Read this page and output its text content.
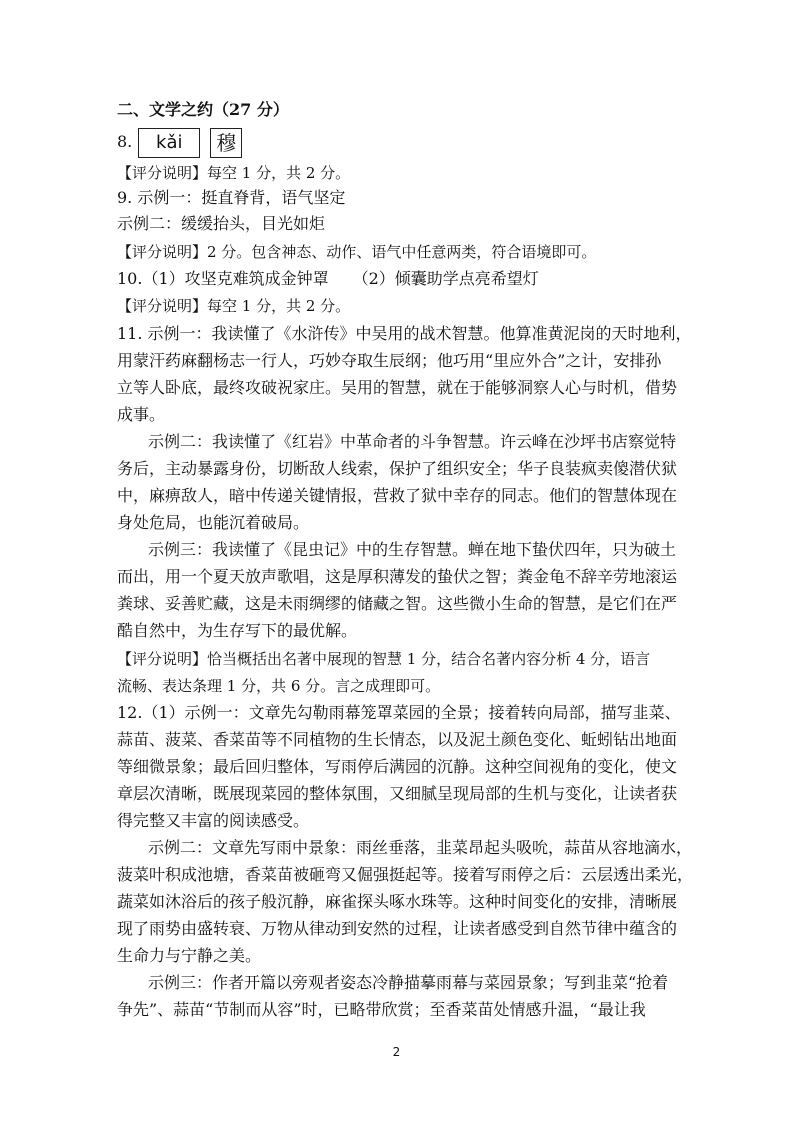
二、文学之约（27 分）
8. kǎi 穆
【评分说明】每空 1 分，共 2 分。
9. 示例一：挺直脊背，语气坚定
示例二：缓缓抬头，目光如炬
【评分说明】2 分。包含神态、动作、语气中任意两类，符合语境即可。
10.（1）攻坚克难筑成金钟罩　　（2）倾囊助学点亮希望灯
【评分说明】每空 1 分，共 2 分。
11. 示例一：我读懂了《水浒传》中吴用的战术智慧。他算准黄泥岗的天时地利，
用蒙汗药麻翻杨志一行人，巧妙夺取生辰纲；他巧用“里应外合”之计，安排孙
立等人卧底，最终攻破祝家庄。吴用的智慧，就在于能够洞察人心与时机，借势
成事。
示例二：我读懂了《红岩》中革命者的斗争智慧。许云峰在沙坪书店察觉特
务后，主动暴露身份，切断敌人线索，保护了组织安全；华子良装疯卖傻潜伏狱
中，麻痹敌人，暗中传递关键情报，营救了狱中幸存的同志。他们的智慧体现在
身处危局，也能沉着破局。
示例三：我读懂了《昆虫记》中的生存智慧。蝉在地下蛰伏四年，只为破土
而出，用一个夏天放声歌唱，这是厚积薄发的蛰伏之智；粪金龟不辞辛劳地滚运
粪球、妥善贮藏，这是未雨绸缪的储藏之智。这些微小生命的智慧，是它们在严
酷自然中，为生存写下的最优解。
【评分说明】恰当概括出名著中展现的智慧 1 分，结合名著内容分析 4 分，语言
流畅、表达条理 1 分，共 6 分。言之成理即可。
12.（1）示例一：文章先勾勒雨幕笼罩菜园的全景；接着转向局部，描写韭菜、
蒜苗、菠菜、香菜苗等不同植物的生长情态，以及泥土颜色变化、蚯蚓钻出地面
等细微景象；最后回归整体，写雨停后满园的沉静。这种空间视角的变化，使文
章层次清晰，既展现菜园的整体氛围，又细腻呈现局部的生机与变化，让读者获
得完整又丰富的阅读感受。
示例二：文章先写雨中景象：雨丝垂落，韭菜昂起头吸吮，蒜苗从容地滴水，
菠菜叶积成池塘，香菜苗被砸弯又倔强挺起等。接着写雨停之后：云层透出柔光，
蔬菜如沐浴后的孩子般沉静，麻雀探头啄水珠等。这种时间变化的安排，清晰展
现了雨势由盛转衰、万物从律动到安然的过程，让读者感受到自然节律中蕴含的
生命力与宁静之美。
示例三：作者开篇以旁观者姿态冷静描摹雨幕与菜园景象；写到韭菜“抢着
争先”、蒜苗“节制而从容”时，已略带欣赏；至香菜苗处情感升温，“最让我
2
